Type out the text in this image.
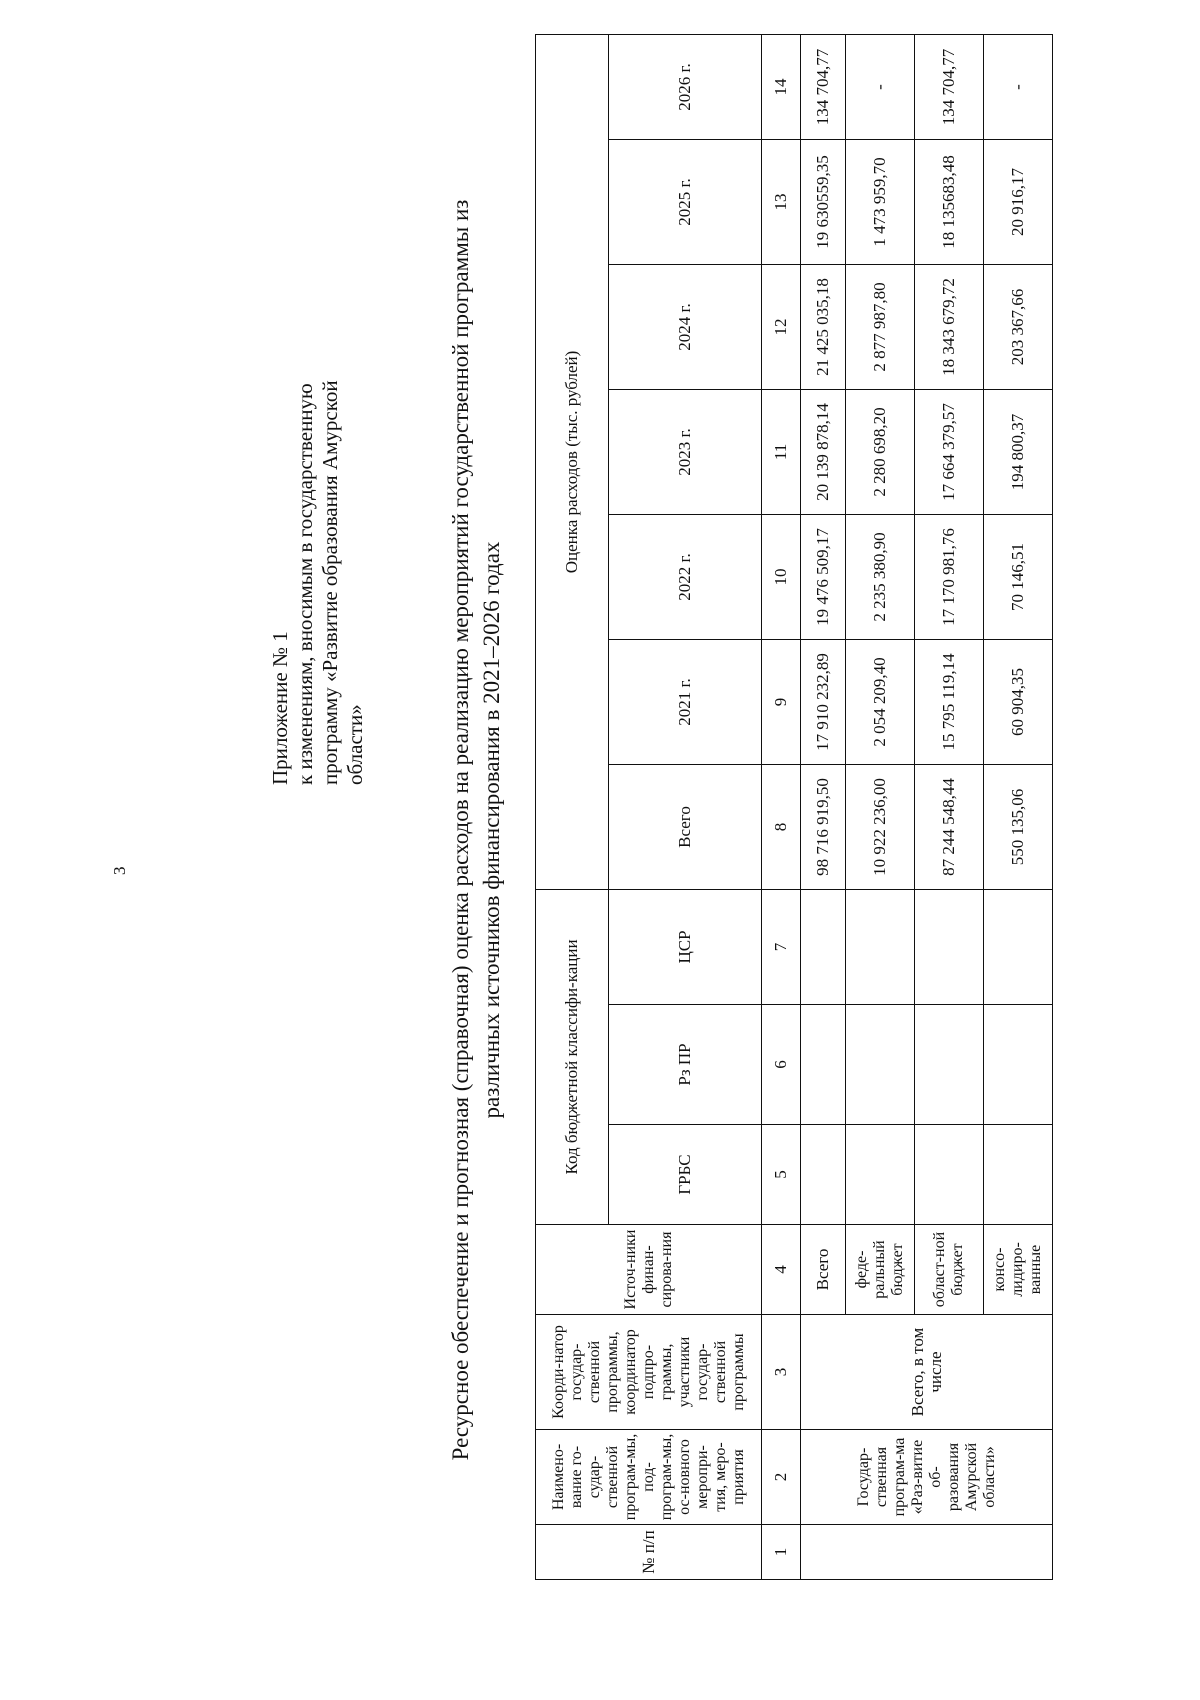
3
Приложение № 1 к изменениям, вносимым в государственную программу «Развитие образования Амурской области»	Ресурсное обеспечение и прогнозная (справочная) оценка расходов на реализацию мероприятий государственной программы из различных источников финансирования в 2021–2026 годах
№ п/п	Наимено-вание го-судар-ственной програм-мы, под-програм-мы, ос-новного меропри-тия, меро-приятия	Коорди-натор государ-ственной программы, координатор подпро-граммы, участники государ-ственной программы	Источ-ники финан-сирова-ния	Код бюджетной классифи-кации			Оценка расходов (тыс. рублей)						
				ГРБС	Рз ПР	ЦСР	Всего	2021 г.	2022 г.	2023 г.	2024 г.	2025 г.	2026 г.
1	2	3	4	5	6	7	8	9	10	11	12	13	14
	Государ-ственная програм-ма «Раз-витие об-разования Амурской области»	Всего, в том числе	Всего				98 716 919,50	17 910 232,89	19 476 509,17	20 139 878,14	21 425 035,18	19 630559,35	134 704,77
			феде-ральный бюджет				10 922 236,00	2 054 209,40	2 235 380,90	2 280 698,20	2 877 987,80	1 473 959,70	-
			област-ной бюджет				87 244 548,44	15 795 119,14	17 170 981,76	17 664 379,57	18 343 679,72	18 135683,48	134 704,77
			консо-лидиро-ванные				550 135,06	60 904,35	70 146,51	194 800,37	203 367,66	20 916,17	-
